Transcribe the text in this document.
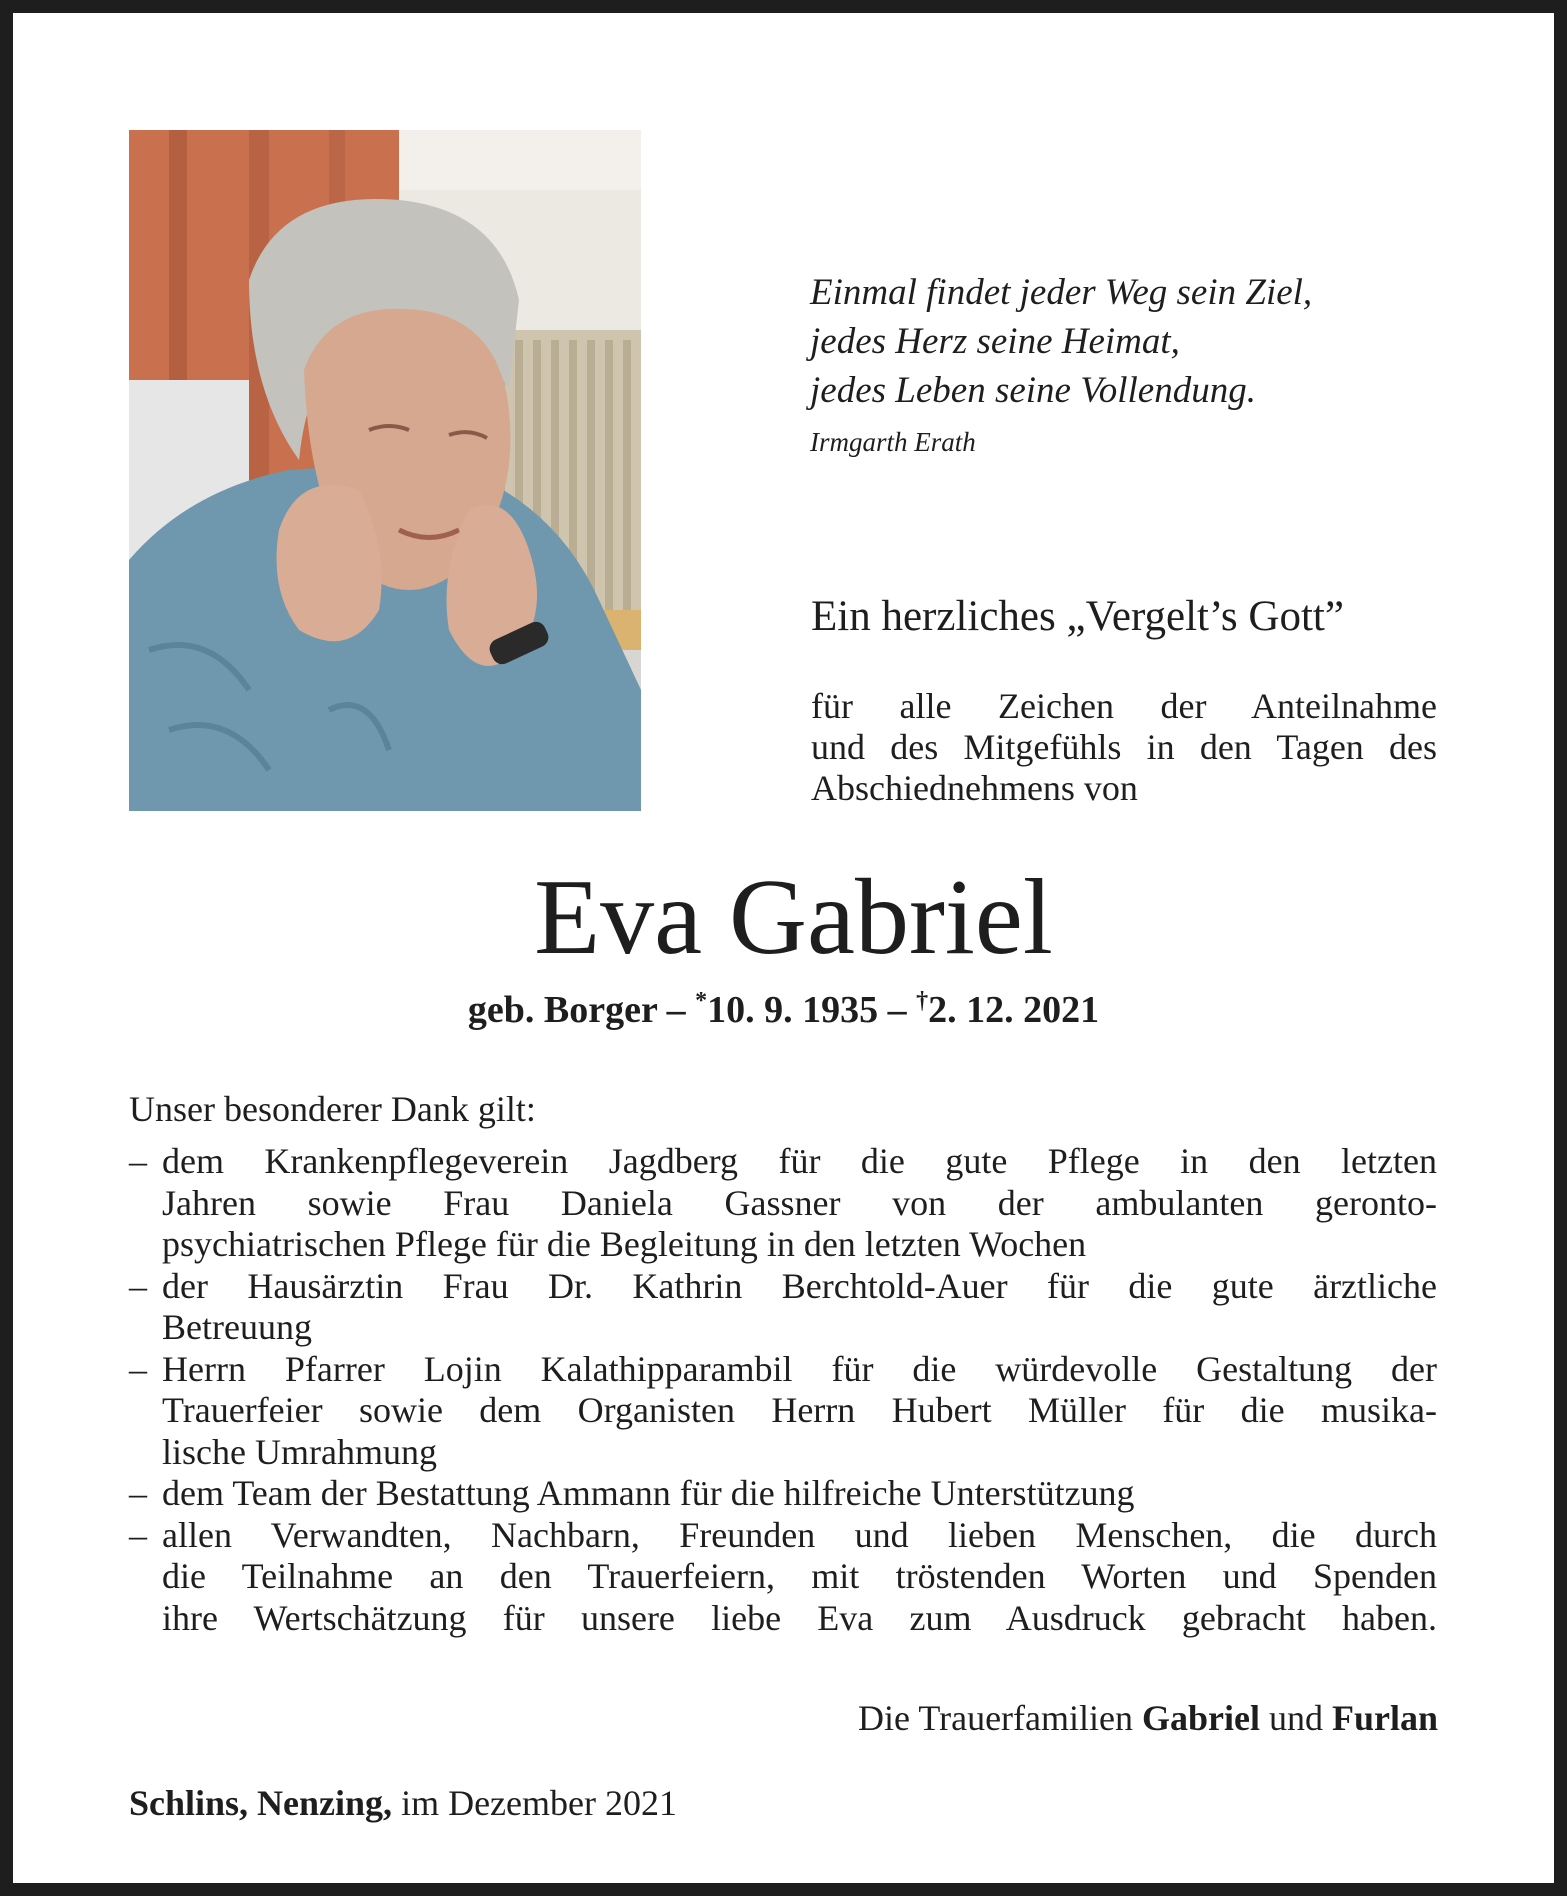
Einmal findet jeder Weg sein Ziel,
jedes Herz seine Heimat,
jedes Leben seine Vollendung.
Irmgarth Erath
Ein herzliches „Vergelt’s Gott”
für alle Zeichen der Anteilnahme
und des Mitgefühls in den Tagen des
Abschiednehmens von
Eva Gabriel
geb. Borger – *10. 9. 1935 – †2. 12. 2021
Unser besonderer Dank gilt:
– dem Krankenpflegeverein Jagdberg für die gute Pflege in den letzten
Jahren sowie Frau Daniela Gassner von der ambulanten geronto-
psychiatrischen Pflege für die Begleitung in den letzten Wochen
– der Hausärztin Frau Dr. Kathrin Berchtold-Auer für die gute ärztliche
Betreuung
– Herrn Pfarrer Lojin Kalathipparambil für die würdevolle Gestaltung der
Trauerfeier sowie dem Organisten Herrn Hubert Müller für die musika-
lische Umrahmung
– dem Team der Bestattung Ammann für die hilfreiche Unterstützung
– allen Verwandten, Nachbarn, Freunden und lieben Menschen, die durch
die Teilnahme an den Trauerfeiern, mit tröstenden Worten und Spenden
ihre Wertschätzung für unsere liebe Eva zum Ausdruck gebracht haben.
Die Trauerfamilien Gabriel und Furlan
Schlins, Nenzing, im Dezember 2021
